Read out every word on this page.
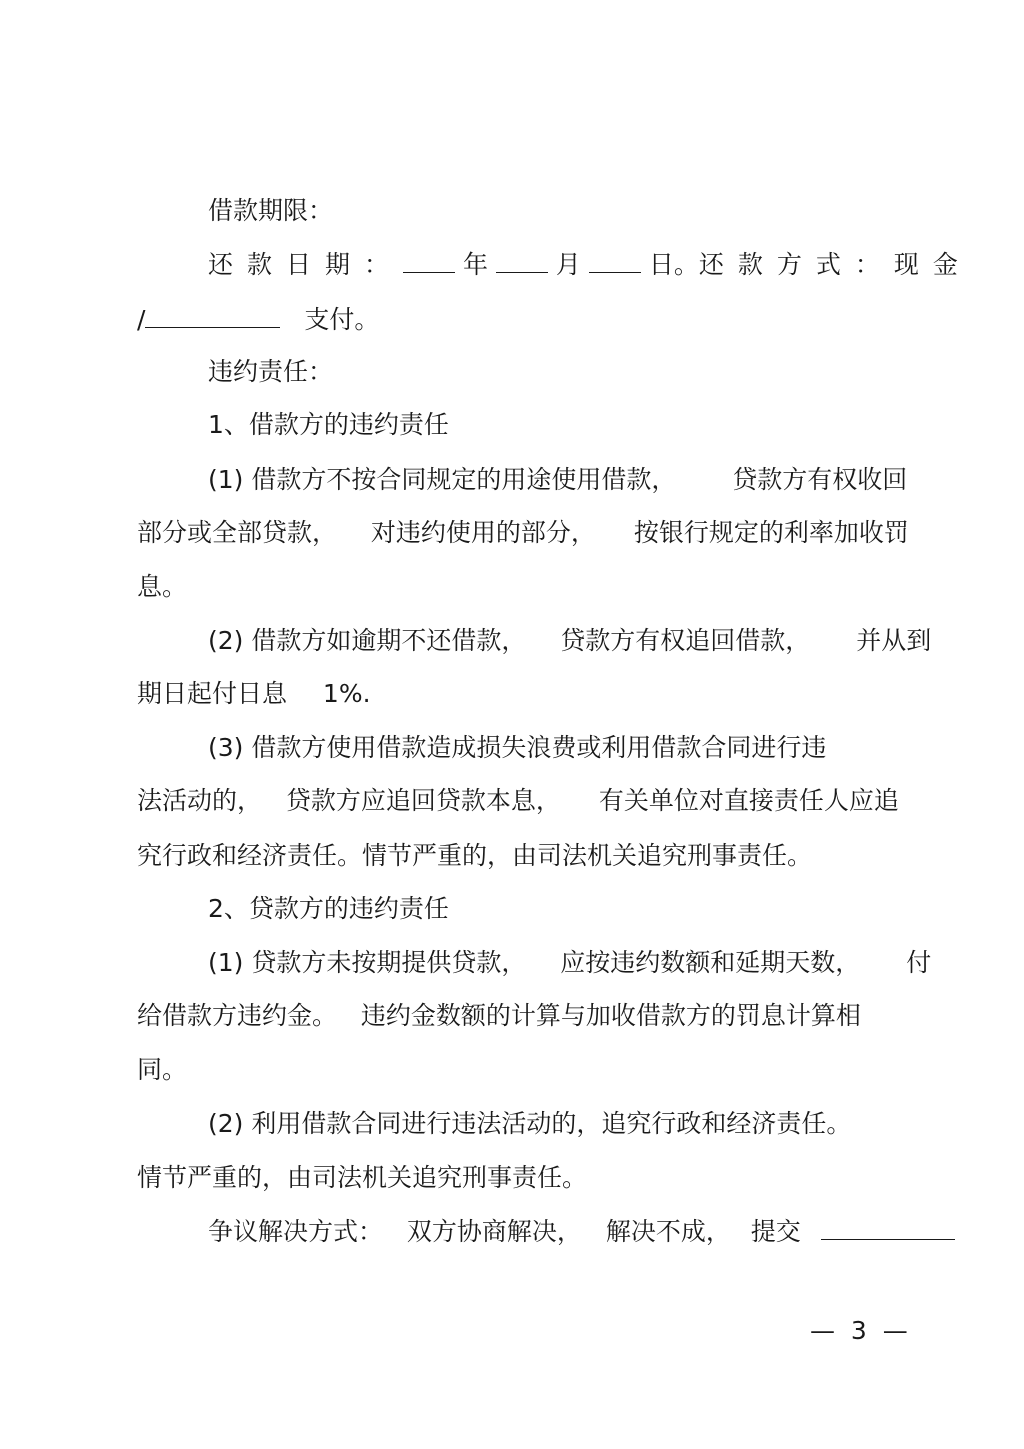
借款期限：
还款日期：	年	月	日。 还款方式： 现金
/	支付。
违约责任：
1、借款方的违约责任
(1) 借款方不按合同规定的用途使用借款， 贷款方有权收回
部分或全部贷款， 对违约使用的部分， 按银行规定的利率加收罚
息。
(2) 借款方如逾期不还借款， 贷款方有权追回借款， 并从到
期日起付日息 1%.
(3) 借款方使用借款造成损失浪费或利用借款合同进行违
法活动的， 贷款方应追回贷款本息， 有关单位对直接责任人应追
究行政和经济责任。情节严重的，由司法机关追究刑事责任。
2、贷款方的违约责任
(1) 贷款方未按期提供贷款， 应按违约数额和延期天数， 付
给借款方违约金。 违约金数额的计算与加收借款方的罚息计算相
同。
(2) 利用借款合同进行违法活动的，追究行政和经济责任。
情节严重的，由司法机关追究刑事责任。
争议解决方式： 双方协商解决， 解决不成， 提交
—  3  —
